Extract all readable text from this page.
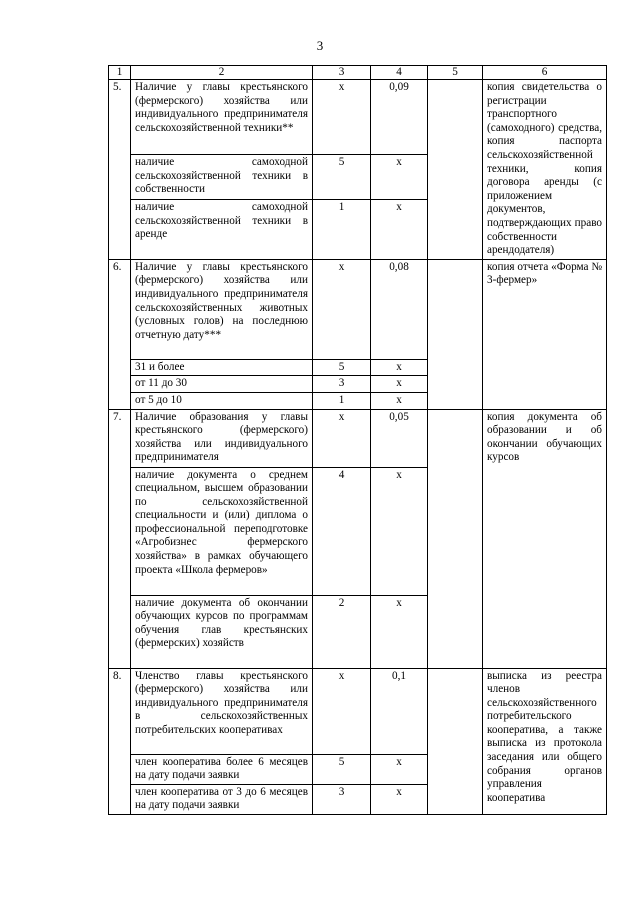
3
1	2	3	4	5	6
5.	Наличие у главы крестьянского (фермерского) хозяйства или индивидуального предпринимателя сельскохозяйственной техники**	х	0,09		копия свидетельства о регистрации транспортного (самоходного) средства, копия паспорта сельскохозяйственной техники, копия договора аренды (с приложением документов, подтверждающих право собственности арендодателя)
	наличие самоходной сельскохозяйственной техники в собственности	5	х		
	наличие самоходной сельскохозяйственной техники в аренде	1	х		
6.	Наличие у главы крестьянского (фермерского) хозяйства или индивидуального предпринимателя сельскохозяйственных животных (условных голов) на последнюю отчетную дату***	х	0,08		копия отчета «Форма № 3-фермер»
	31 и более	5	х		
	от 11 до 30	3	х		
	от 5 до 10	1	х		
7.	Наличие образования у главы крестьянского (фермерского) хозяйства или индивидуального предпринимателя	х	0,05		копия документа об образовании и об окончании обучающих курсов
	наличие документа о среднем специальном, высшем образовании по сельскохозяйственной специальности и (или) диплома о профессиональной переподготовке «Агробизнес фермерского хозяйства» в рамках обучающего проекта «Школа фермеров»	4	х		
	наличие документа об окончании обучающих курсов по программам обучения глав крестьянских (фермерских) хозяйств	2	х		
8.	Членство главы крестьянского (фермерского) хозяйства или индивидуального предпринимателя в сельскохозяйственных потребительских кооперативах	х	0,1		выписка из реестра членов сельскохозяйственного потребительского кооператива, а также выписка из протокола заседания или общего собрания органов управления кооператива
	член кооператива более 6 месяцев на дату подачи заявки	5	х		
	член кооператива от 3 до 6 месяцев на дату подачи заявки	3	х		
